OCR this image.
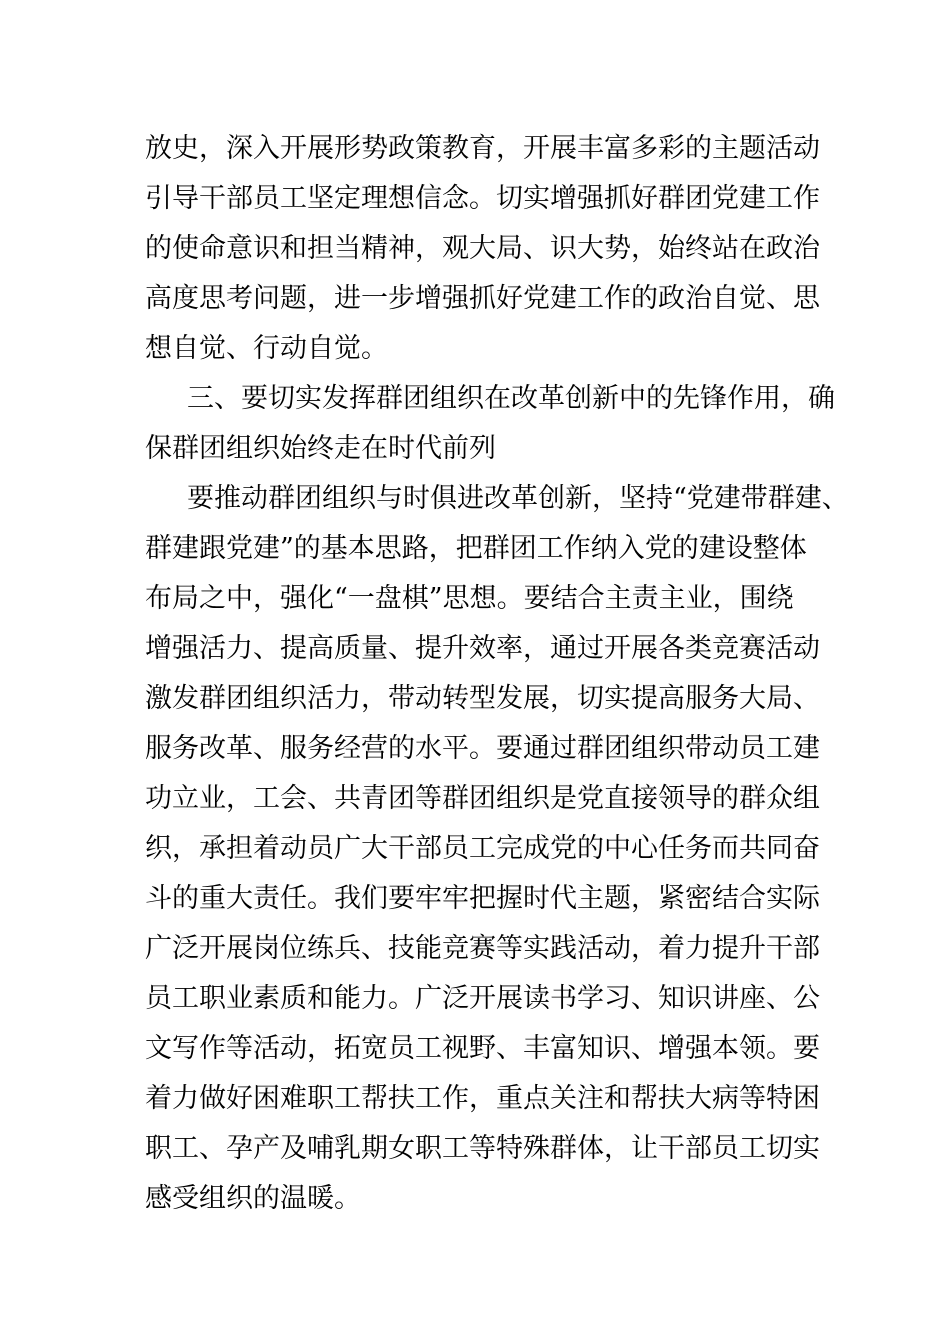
放史，深入开展形势政策教育，开展丰富多彩的主题活动
引导干部员工坚定理想信念。切实增强抓好群团党建工作
的使命意识和担当精神，观大局、识大势，始终站在政治
高度思考问题，进一步增强抓好党建工作的政治自觉、思
想自觉、行动自觉。
三、要切实发挥群团组织在改革创新中的先锋作用，确
保群团组织始终走在时代前列
要推动群团组织与时俱进改革创新，坚持“党建带群建、
群建跟党建”的基本思路，把群团工作纳入党的建设整体
布局之中，强化“一盘棋”思想。要结合主责主业，围绕
增强活力、提高质量、提升效率，通过开展各类竞赛活动
激发群团组织活力，带动转型发展，切实提高服务大局、
服务改革、服务经营的水平。要通过群团组织带动员工建
功立业，工会、共青团等群团组织是党直接领导的群众组
织，承担着动员广大干部员工完成党的中心任务而共同奋
斗的重大责任。我们要牢牢把握时代主题，紧密结合实际
广泛开展岗位练兵、技能竞赛等实践活动，着力提升干部
员工职业素质和能力。广泛开展读书学习、知识讲座、公
文写作等活动，拓宽员工视野、丰富知识、增强本领。要
着力做好困难职工帮扶工作，重点关注和帮扶大病等特困
职工、孕产及哺乳期女职工等特殊群体，让干部员工切实
感受组织的温暖。
